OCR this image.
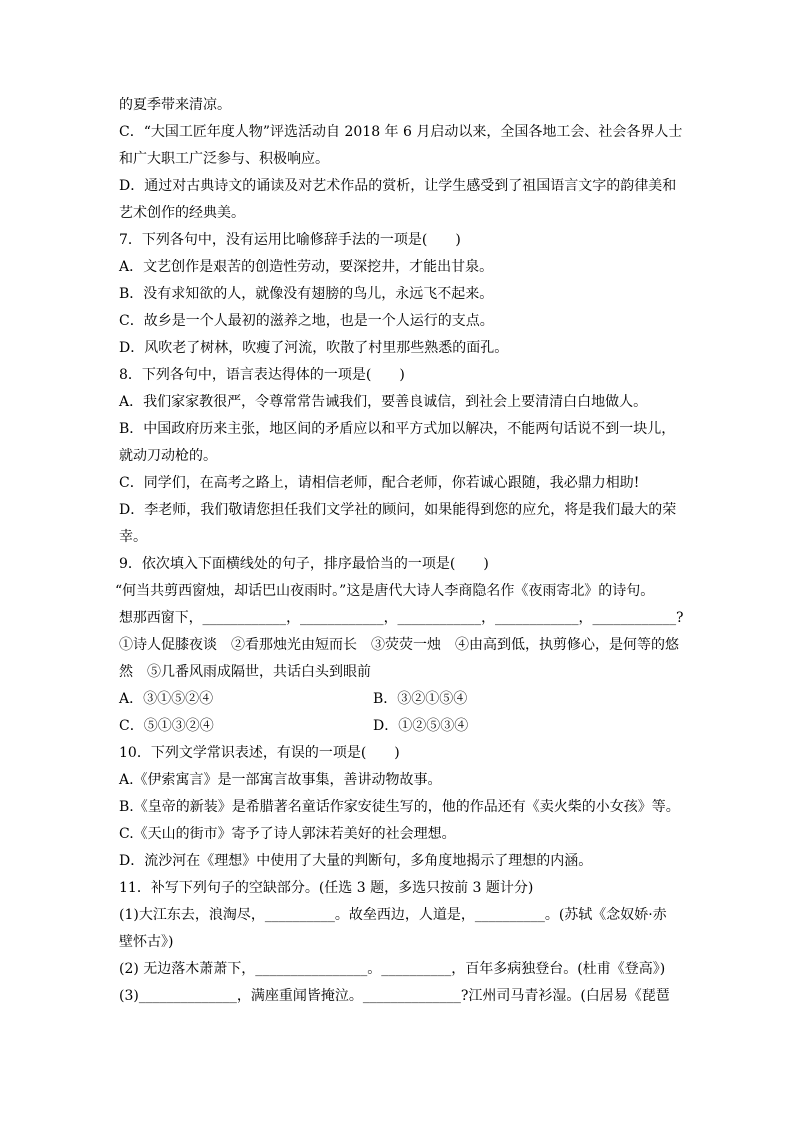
的夏季带来清凉。
C．“大国工匠年度人物”评选活动自 2018 年 6 月启动以来，全国各地工会、社会各界人士
和广大职工广泛参与、积极响应。
D．通过对古典诗文的诵读及对艺术作品的赏析，让学生感受到了祖国语言文字的韵律美和
艺术创作的经典美。
7．下列各句中，没有运用比喻修辞手法的一项是(　　)
A．文艺创作是艰苦的创造性劳动，要深挖井，才能出甘泉。
B．没有求知欲的人，就像没有翅膀的鸟儿，永远飞不起来。
C．故乡是一个人最初的滋养之地，也是一个人运行的支点。
D．风吹老了树林，吹瘦了河流，吹散了村里那些熟悉的面孔。
8．下列各句中，语言表达得体的一项是(　　)
A．我们家家教很严，令尊常常告诫我们，要善良诚信，到社会上要清清白白地做人。
B．中国政府历来主张，地区间的矛盾应以和平方式加以解决，不能两句话说不到一块儿，
就动刀动枪的。
C．同学们，在高考之路上，请相信老师，配合老师，你若诚心跟随，我必鼎力相助!
D．李老师，我们敬请您担任我们文学社的顾问，如果能得到您的应允，将是我们最大的荣
幸。
9．依次填入下面横线处的句子，排序最恰当的一项是(　　)
“何当共剪西窗烛，却话巴山夜雨时。”这是唐代大诗人李商隐名作《夜雨寄北》的诗句。
想那西窗下，____________，____________，____________，____________，____________?
①诗人促膝夜谈　②看那烛光由短而长　③荧荧一烛　④由高到低，执剪修心，是何等的悠
然　⑤几番风雨成隔世，共话白头到眼前
A．③①⑤②④	B．③②①⑤④
C．⑤①③②④	D．①②⑤③④
10．下列文学常识表述，有误的一项是(　　)
A.《伊索寓言》是一部寓言故事集，善讲动物故事。
B.《皇帝的新装》是希腊著名童话作家安徒生写的，他的作品还有《卖火柴的小女孩》等。
C.《天山的街市》寄予了诗人郭沫若美好的社会理想。
D．流沙河在《理想》中使用了大量的判断句，多角度地揭示了理想的内涵。
11．补写下列句子的空缺部分。(任选 3 题，多选只按前 3 题计分)
(1)大江东去，浪淘尽，__________。故垒西边，人道是，__________。(苏轼《念奴娇·赤
壁怀古》)
(2) 无边落木萧萧下，________________。__________，百年多病独登台。(杜甫《登高》)
(3)______________，满座重闻皆掩泣。______________?江州司马青衫湿。(白居易《琵琶
